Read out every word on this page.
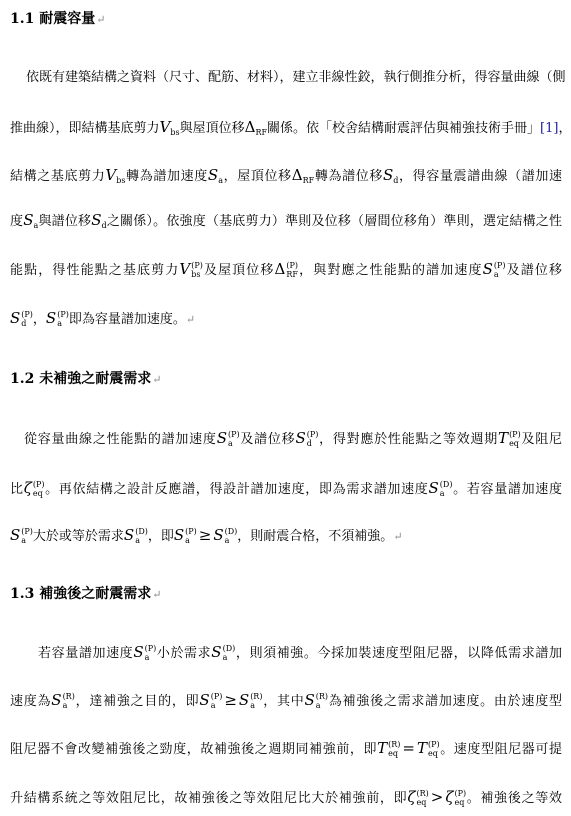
1.1 耐震容量↵
依既有建築結構之資料（尺寸、配筋、材料），建立非線性鉸，執行側推分析，得容量曲線（側
推曲線），即結構基底剪力$V_{bs}$與屋頂位移$\Delta_{RF}$關係。依「校舍結構耐震評估與補強技術手冊」[1]，
結構之基底剪力$V_{bs}$轉為譜加速度$S_a$，屋頂位移$\Delta_{RF}$轉為譜位移$S_d$，得容量震譜曲線（譜加速
度$S_a$與譜位移$S_d$之關係）。依強度（基底剪力）準則及位移（層間位移角）準則，選定結構之性
能點，得性能點之基底剪力V (P)
bs 及屋頂位移Δ (P)
RF ，與對應之性能點的譜加速度S (P)
a 及譜位移
S (P)
d ，S (P)
a 即為容量譜加速度。↵
1.2 未補強之耐震需求↵
從容量曲線之性能點的譜加速度S (P)
a 及譜位移S (P)
d ，得對應於性能點之等效週期T (P)
eq 及阻尼
比ζ (P)
eq 。再依結構之設計反應譜，得設計譜加速度，即為需求譜加速度S (D)
a 。若容量譜加速度
S (P)
a 大於或等於需求S (D)
a ，即S (P)
a ≥ S (D)
a ，則耐震合格，不須補強。↵
1.3 補強後之耐震需求↵
若容量譜加速度S (P)
a 小於需求S (D)
a ，則須補強。今採加裝速度型阻尼器，以降低需求譜加
速度為S (R)
a ，達補強之目的，即S (P)
a ≥ S (R)
a ，其中S (R)
a 為補強後之需求譜加速度。由於速度型
阻尼器不會改變補強後之勁度，故補強後之週期同補強前，即T (R)
eq = T (P)
eq 。速度型阻尼器可提
升結構系統之等效阻尼比，故補強後之等效阻尼比大於補強前，即ζ (R)
eq > ζ (P)
eq 。補強後之等效
